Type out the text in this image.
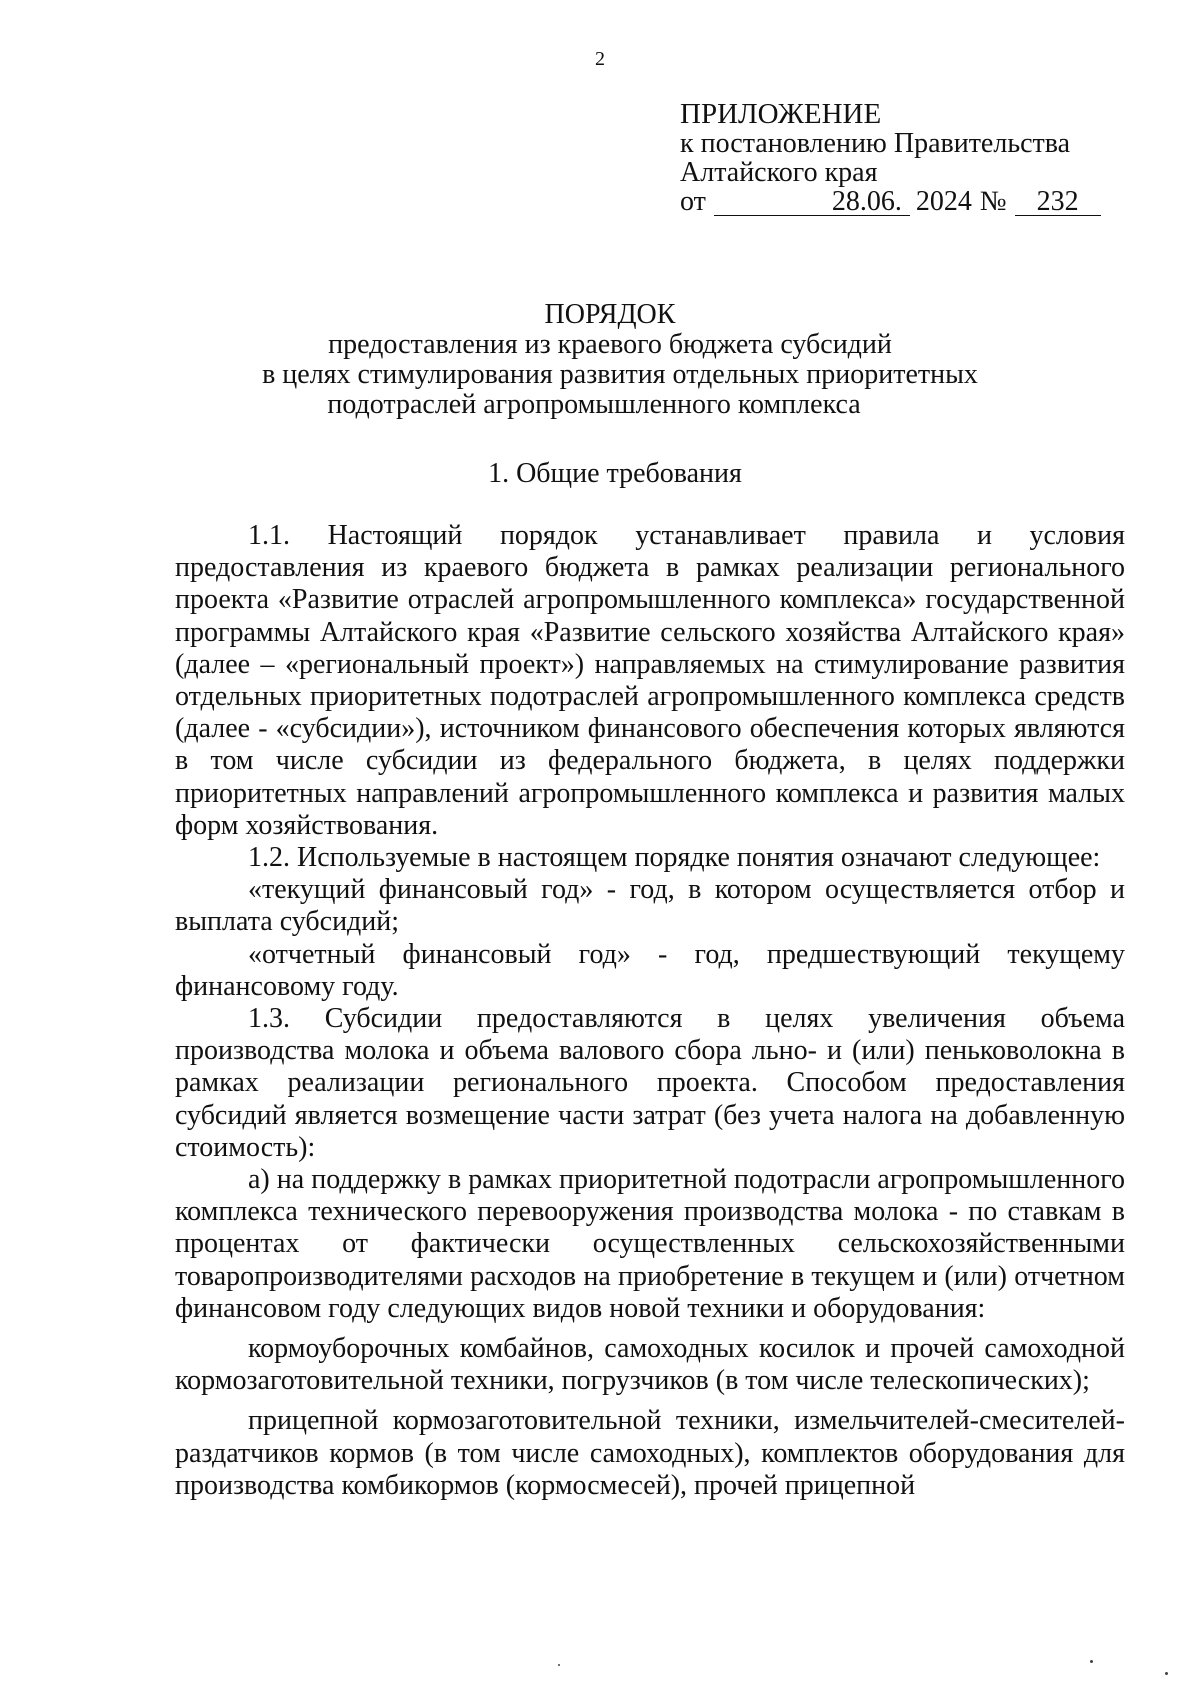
2
ПРИЛОЖЕНИЕ
к постановлению Правительства
Алтайского края
от	28.06. 2024 №	232
ПОРЯДОК
предоставления из краевого бюджета субсидий
в целях стимулирования развития отдельных приоритетных
подотраслей агропромышленного комплекса
1. Общие требования

1.1. Настоящий порядок устанавливает правила и условия предоставления из краевого бюджета в рамках реализации регионального проекта «Развитие отраслей агропромышленного комплекса» государственной программы Алтайского края «Развитие сельского хозяйства Алтайского края» (далее – «региональный проект») направляемых на стимулирование развития отдельных приоритетных подотраслей агропромышленного комплекса средств (далее - «субсидии»), источником финансового обеспечения которых являются в том числе субсидии из федерального бюджета, в целях поддержки приоритетных направлений агропромышленного комплекса и развития малых форм хозяйствования.

1.2. Используемые в настоящем порядке понятия означают следующее:

«текущий финансовый год» - год, в котором осуществляется отбор и выплата субсидий;

«отчетный финансовый год» - год, предшествующий текущему финансовому году.

1.3. Субсидии предоставляются в целях увеличения объема производства молока и объема валового сбора льно- и (или) пеньковолокна в рамках реализации регионального проекта. Способом предоставления субсидий является возмещение части затрат (без учета налога на добавленную стоимость):

а) на поддержку в рамках приоритетной подотрасли агропромышленного комплекса технического перевооружения производства молока - по ставкам в процентах от фактически осуществленных сельскохозяйственными товаропроизводителями расходов на приобретение в текущем и (или) отчетном финансовом году следующих видов новой техники и оборудования:

кормоуборочных комбайнов, самоходных косилок и прочей самоходной кормозаготовительной техники, погрузчиков (в том числе телескопических);

прицепной кормозаготовительной техники, измельчителей-смесителей-раздатчиков кормов (в том числе самоходных), комплектов оборудования для производства комбикормов (кормосмесей), прочей прицепной
